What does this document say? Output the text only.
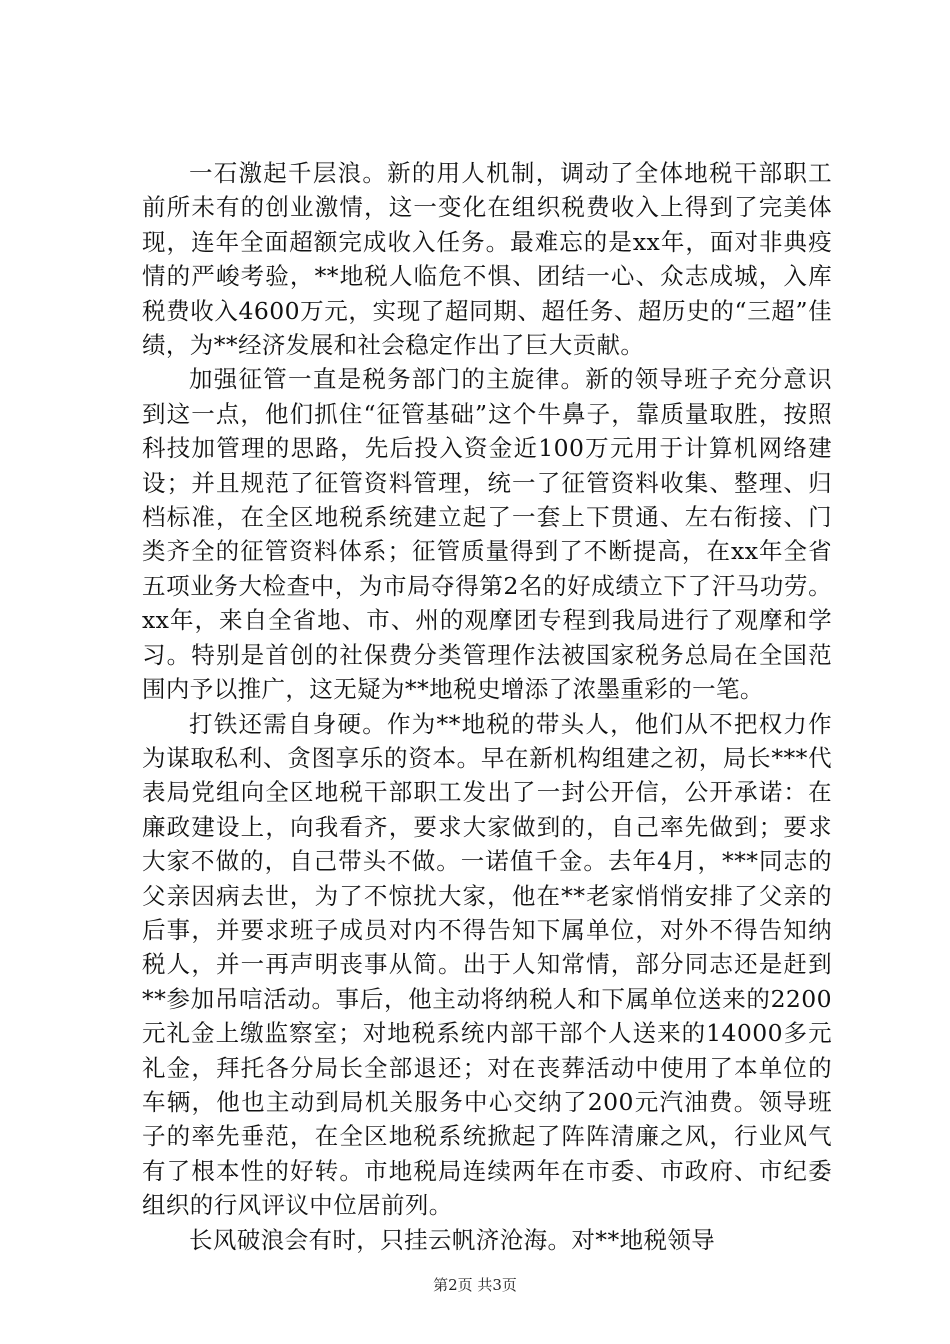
一石激起千层浪。新的用人机制，调动了全体地税干部职工前所未有的创业激情，这一变化在组织税费收入上得到了完美体现，连年全面超额完成收入任务。最难忘的是xx年，面对非典疫情的严峻考验，**地税人临危不惧、团结一心、众志成城，入库税费收入4600万元，实现了超同期、超任务、超历史的“三超”佳绩，为**经济发展和社会稳定作出了巨大贡献。

加强征管一直是税务部门的主旋律。新的领导班子充分意识到这一点，他们抓住“征管基础”这个牛鼻子，靠质量取胜，按照科技加管理的思路，先后投入资金近100万元用于计算机网络建设；并且规范了征管资料管理，统一了征管资料收集、整理、归档标准，在全区地税系统建立起了一套上下贯通、左右衔接、门类齐全的征管资料体系；征管质量得到了不断提高，在xx年全省五项业务大检查中，为市局夺得第2名的好成绩立下了汗马功劳。xx年，来自全省地、市、州的观摩团专程到我局进行了观摩和学习。特别是首创的社保费分类管理作法被国家税务总局在全国范围内予以推广，这无疑为**地税史增添了浓墨重彩的一笔。

打铁还需自身硬。作为**地税的带头人，他们从不把权力作为谋取私利、贪图享乐的资本。早在新机构组建之初，局长***代表局党组向全区地税干部职工发出了一封公开信，公开承诺：在廉政建设上，向我看齐，要求大家做到的，自己率先做到；要求大家不做的，自己带头不做。一诺值千金。去年4月，***同志的父亲因病去世，为了不惊扰大家，他在**老家悄悄安排了父亲的后事，并要求班子成员对内不得告知下属单位，对外不得告知纳税人，并一再声明丧事从简。出于人知常情，部分同志还是赶到**参加吊唁活动。事后，他主动将纳税人和下属单位送来的2200元礼金上缴监察室；对地税系统内部干部个人送来的14000多元礼金，拜托各分局长全部退还；对在丧葬活动中使用了本单位的车辆，他也主动到局机关服务中心交纳了200元汽油费。领导班子的率先垂范，在全区地税系统掀起了阵阵清廉之风，行业风气有了根本性的好转。市地税局连续两年在市委、市政府、市纪委组织的行风评议中位居前列。

长风破浪会有时，只挂云帆济沧海。对**地税领导

第2页 共3页
